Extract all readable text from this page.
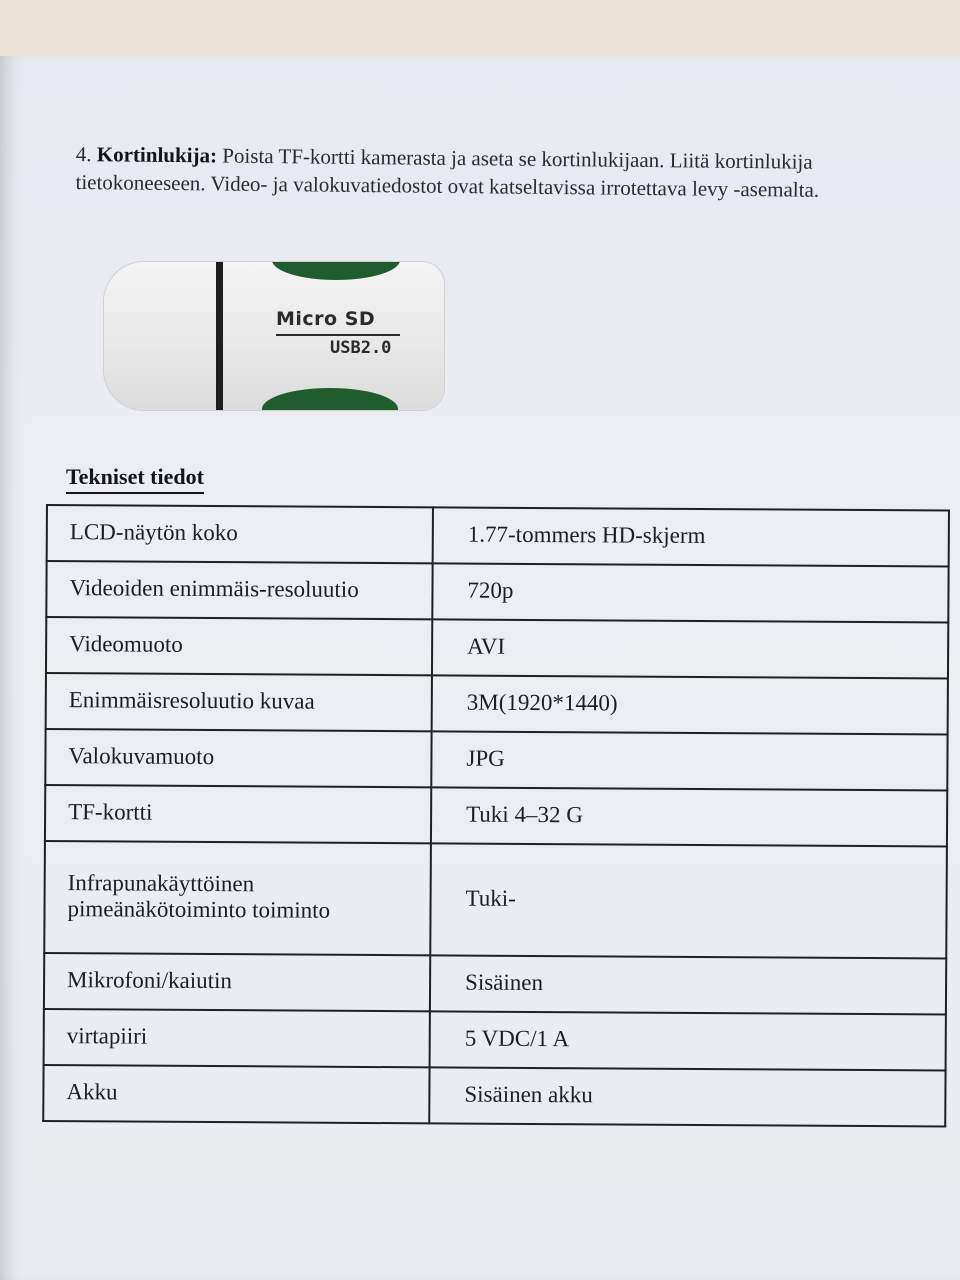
4. Kortinlukija: Poista TF-kortti kamerasta ja aseta se kortinlukijaan. Liitä kortinlukija tietokoneeseen. Video- ja valokuvatiedostot ovat katseltavissa irrotettava levy -asemalta.
Micro SD
USB2.0
Tekniset tiedot
LCD-näytön koko	1.77-tommers HD-skjerm
Videoiden enimmäis-resoluutio	720p
Videomuoto	AVI
Enimmäisresoluutio kuvaa	3M(1920*1440)
Valokuvamuoto	JPG
TF-kortti	Tuki 4–32 G
Infrapunakäyttöinen pimeänäkötoiminto toiminto	Tuki-
Mikrofoni/kaiutin	Sisäinen
virtapiiri	5 VDC/1 A
Akku	Sisäinen akku
